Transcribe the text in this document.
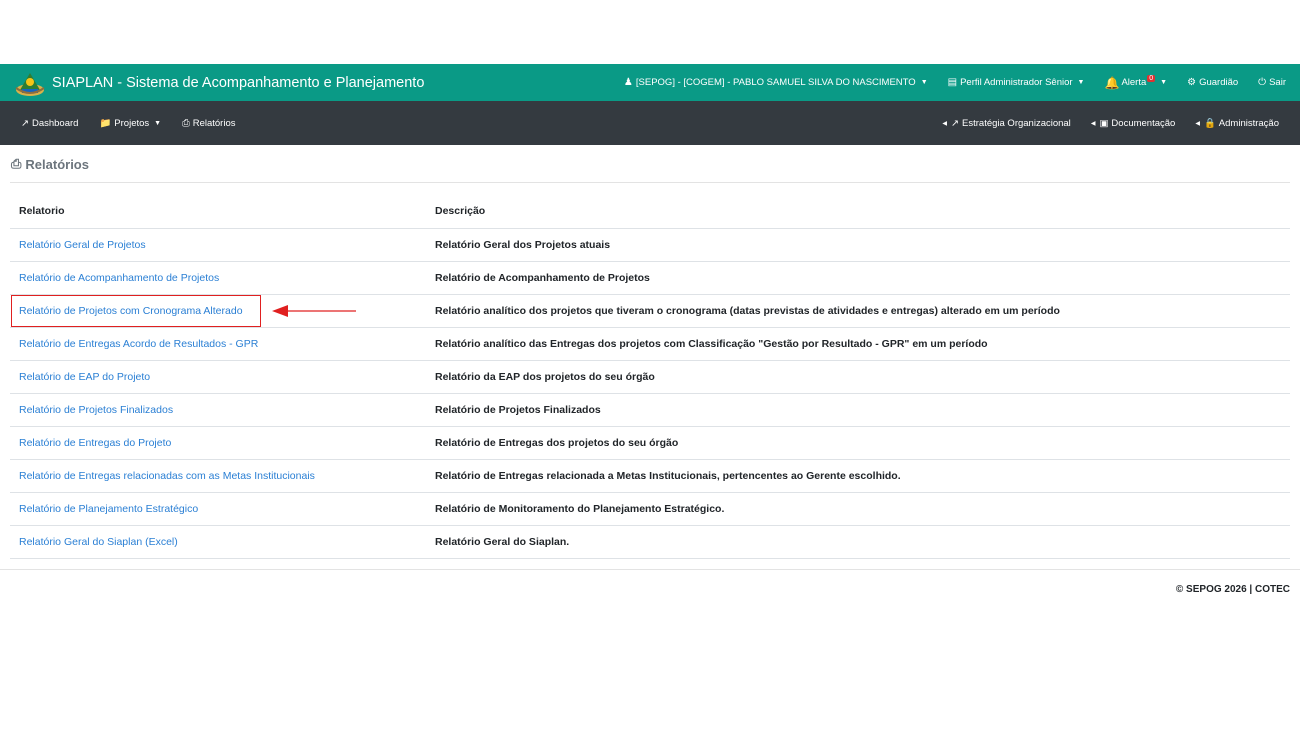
SIAPLAN - Sistema de Acompanhamento e Planejamento	♟ [SEPOG] - [COGEM] - PABLO SAMUEL SILVA DO NASCIMENTO ▼ ▤ Perfil Administrador Sênior ▼ 🔔 Alerta 0
▼ ⚙ Guardião ⏻ Sair
↗ Dashboard 📁 Projetos ▼ ⎙ Relatórios	◀ ↗ Estratégia Organizacional	◀ ▣ Documentação	◀ 🔒 Administração
⎙ Relatórios
Relatorio	Descrição
Relatório Geral de Projetos	Relatório Geral dos Projetos atuais
Relatório de Acompanhamento de Projetos	Relatório de Acompanhamento de Projetos
Relatório de Projetos com Cronograma Alterado	Relatório analítico dos projetos que tiveram o cronograma (datas previstas de atividades e entregas) alterado em um período
Relatório de Entregas Acordo de Resultados - GPR	Relatório analítico das Entregas dos projetos com Classificação "Gestão por Resultado - GPR" em um período
Relatório de EAP do Projeto	Relatório da EAP dos projetos do seu órgão
Relatório de Projetos Finalizados	Relatório de Projetos Finalizados
Relatório de Entregas do Projeto	Relatório de Entregas dos projetos do seu órgão
Relatório de Entregas relacionadas com as Metas Institucionais	Relatório de Entregas relacionada a Metas Institucionais, pertencentes ao Gerente escolhido.
Relatório de Planejamento Estratégico	Relatório de Monitoramento do Planejamento Estratégico.
Relatório Geral do Siaplan (Excel)	Relatório Geral do Siaplan.
© SEPOG 2026 | COTEC
